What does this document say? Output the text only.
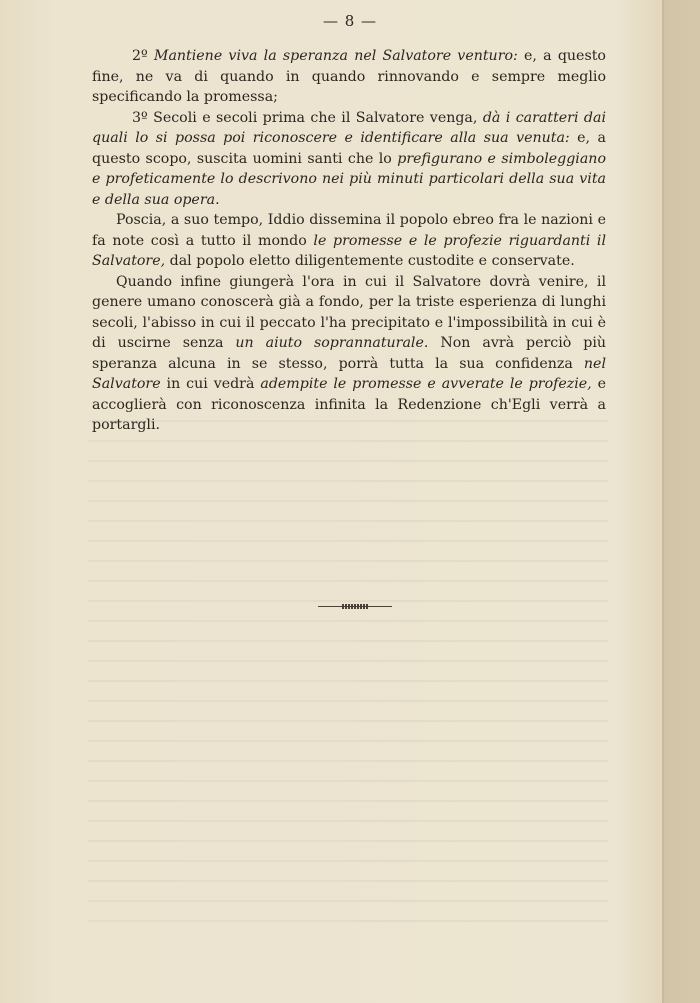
— 8 —

2º Mantiene viva la speranza nel Salvatore venturo: e, a questo fine, ne va di quando in quando rinnovando e sempre meglio specificando la promessa;

3º Secoli e secoli prima che il Salvatore venga, dà i caratteri dai quali lo si possa poi riconoscere e identificare alla sua venuta: e, a questo scopo, suscita uomini santi che lo prefigurano e simboleggiano e profeticamente lo descrivono nei più minuti particolari della sua vita e della sua opera.

Poscia, a suo tempo, Iddio dissemina il popolo ebreo fra le nazioni e fa note così a tutto il mondo le promesse e le profezie riguardanti il Salvatore, dal popolo eletto diligentemente custodite e conservate.

Quando infine giungerà l'ora in cui il Salvatore dovrà venire, il genere umano conoscerà già a fondo, per la triste esperienza di lunghi secoli, l'abisso in cui il peccato l'ha precipitato e l'impossibilità in cui è di uscirne senza un aiuto soprannaturale. Non avrà perciò più speranza alcuna in se stesso, porrà tutta la sua confidenza nel Salvatore in cui vedrà adempite le promesse e avverate le profezie, e accoglierà con riconoscenza infinita la Redenzione ch'Egli verrà a portargli.
